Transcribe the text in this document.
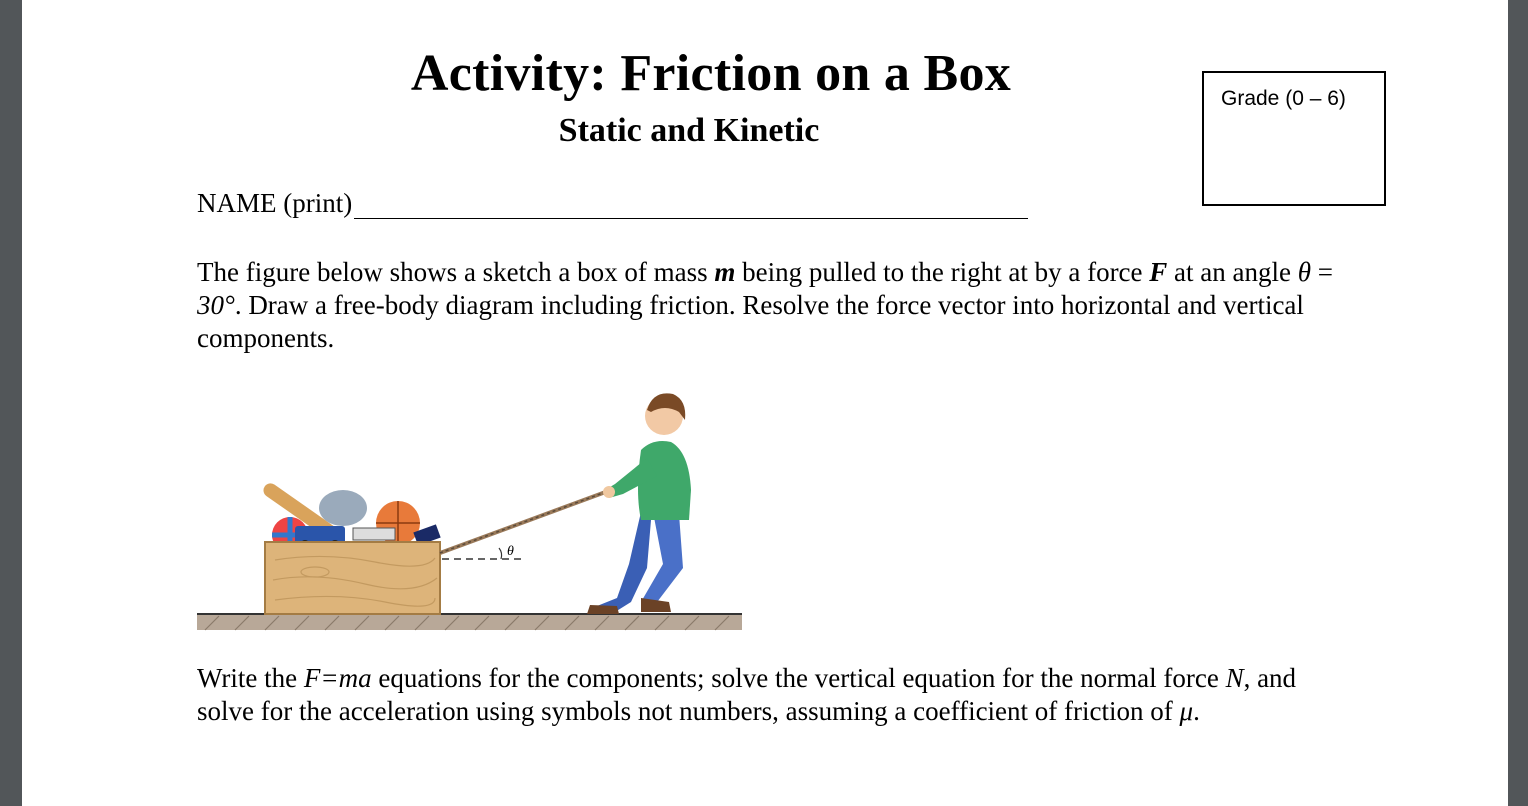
Activity: Friction on a Box
Static and Kinetic
Grade (0 – 6)
NAME (print)
The figure below shows a sketch a box of mass m being pulled to the right at by a force F at an angle θ = 30°. Draw a free-body diagram including friction. Resolve the force vector into horizontal and vertical components.
θ
Write the F=ma equations for the components; solve the vertical equation for the normal force N, and solve for the acceleration using symbols not numbers, assuming a coefficient of friction of μ.
